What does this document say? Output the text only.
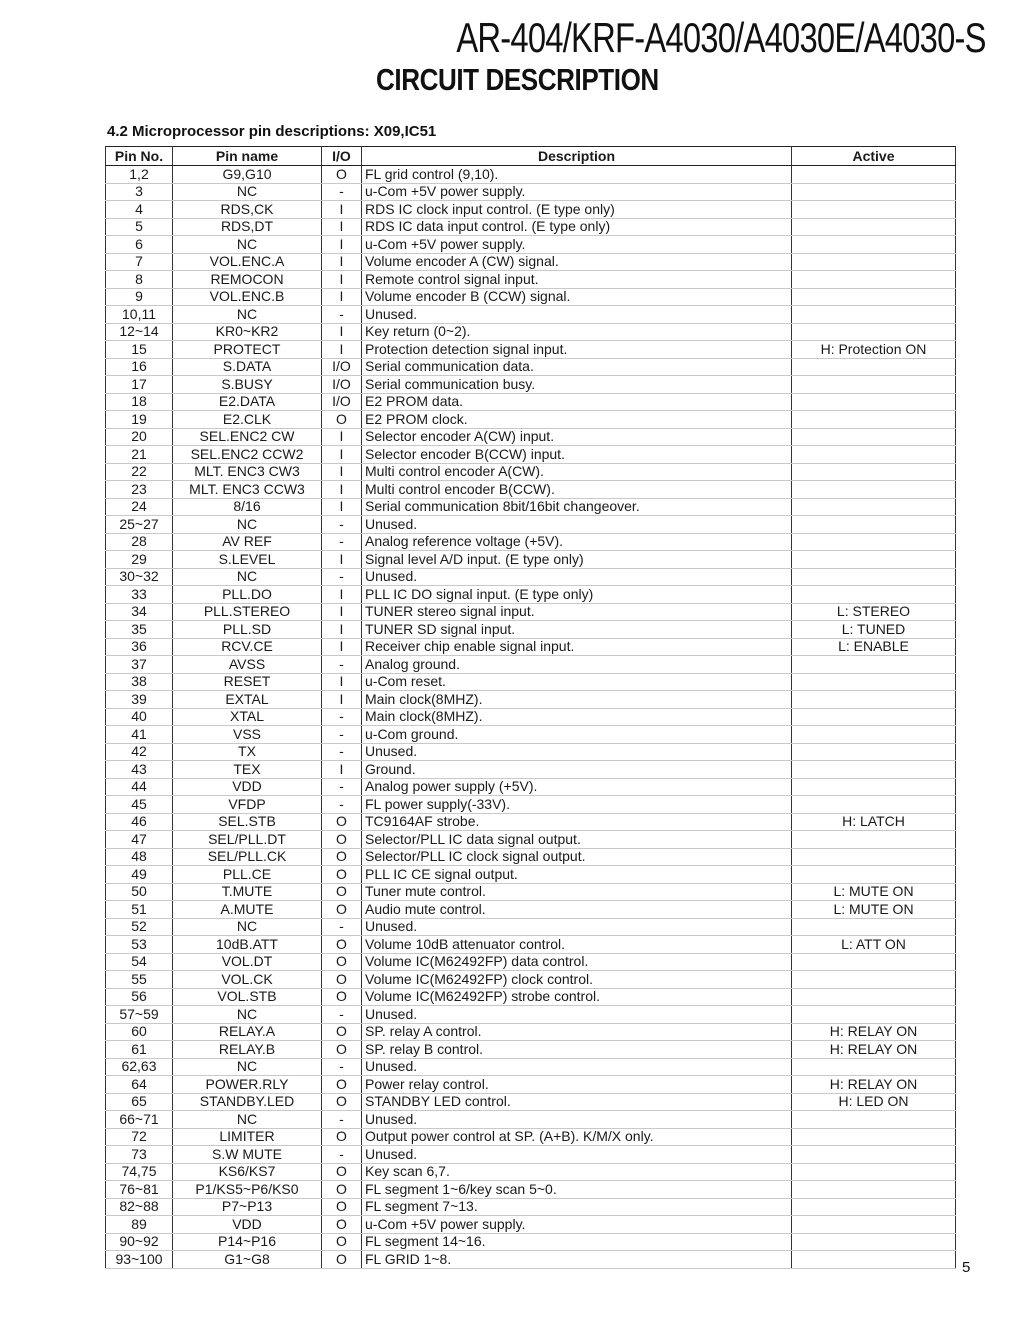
AR-404/KRF-A4030/A4030E/A4030-S
CIRCUIT DESCRIPTION
4.2 Microprocessor pin descriptions: X09,IC51
Pin No.	Pin name	I/O	Description	Active
1,2	G9,G10	O	FL grid control (9,10).	
3	NC	-	u-Com +5V power supply.	
4	RDS,CK	I	RDS IC clock input control. (E type only)	
5	RDS,DT	I	RDS IC data input control. (E type only)	
6	NC	I	u-Com +5V power supply.	
7	VOL.ENC.A	I	Volume encoder A (CW) signal.	
8	REMOCON	I	Remote control signal input.	
9	VOL.ENC.B	I	Volume encoder B (CCW) signal.	
10,11	NC	-	Unused.	
12~14	KR0~KR2	I	Key return (0~2).	
15	PROTECT	I	Protection detection signal input.	H: Protection ON
16	S.DATA	I/O	Serial communication data.	
17	S.BUSY	I/O	Serial communication busy.	
18	E2.DATA	I/O	E2 PROM data.	
19	E2.CLK	O	E2 PROM clock.	
20	SEL.ENC2 CW	I	Selector encoder A(CW) input.	
21	SEL.ENC2 CCW2	I	Selector encoder B(CCW) input.	
22	MLT. ENC3 CW3	I	Multi control encoder A(CW).	
23	MLT. ENC3 CCW3	I	Multi control encoder B(CCW).	
24	8/16	I	Serial communication 8bit/16bit changeover.	
25~27	NC	-	Unused.	
28	AV REF	-	Analog reference voltage (+5V).	
29	S.LEVEL	I	Signal level A/D input. (E type only)	
30~32	NC	-	Unused.	
33	PLL.DO	I	PLL IC DO signal input. (E type only)	
34	PLL.STEREO	I	TUNER stereo signal input.	L: STEREO
35	PLL.SD	I	TUNER SD signal input.	L: TUNED
36	RCV.CE	I	Receiver chip enable signal input.	L: ENABLE
37	AVSS	-	Analog ground.	
38	RESET	I	u-Com reset.	
39	EXTAL	I	Main clock(8MHZ).	
40	XTAL	-	Main clock(8MHZ).	
41	VSS	-	u-Com ground.	
42	TX	-	Unused.	
43	TEX	I	Ground.	
44	VDD	-	Analog power supply (+5V).	
45	VFDP	-	FL power supply(-33V).	
46	SEL.STB	O	TC9164AF strobe.	H: LATCH
47	SEL/PLL.DT	O	Selector/PLL IC data signal output.	
48	SEL/PLL.CK	O	Selector/PLL IC clock signal output.	
49	PLL.CE	O	PLL IC CE signal output.	
50	T.MUTE	O	Tuner mute control.	L: MUTE ON
51	A.MUTE	O	Audio mute control.	L: MUTE ON
52	NC	-	Unused.	
53	10dB.ATT	O	Volume 10dB attenuator control.	L: ATT ON
54	VOL.DT	O	Volume IC(M62492FP) data control.	
55	VOL.CK	O	Volume IC(M62492FP) clock control.	
56	VOL.STB	O	Volume IC(M62492FP) strobe control.	
57~59	NC	-	Unused.	
60	RELAY.A	O	SP. relay A control.	H: RELAY ON
61	RELAY.B	O	SP. relay B control.	H: RELAY ON
62,63	NC	-	Unused.	
64	POWER.RLY	O	Power relay control.	H: RELAY ON
65	STANDBY.LED	O	STANDBY LED control.	H: LED ON
66~71	NC	-	Unused.	
72	LIMITER	O	Output power control at SP. (A+B). K/M/X only.	
73	S.W MUTE	-	Unused.	
74,75	KS6/KS7	O	Key scan 6,7.	
76~81	P1/KS5~P6/KS0	O	FL segment 1~6/key scan 5~0.	
82~88	P7~P13	O	FL segment 7~13.	
89	VDD	O	u-Com +5V power supply.	
90~92	P14~P16	O	FL segment 14~16.	
93~100	G1~G8	O	FL GRID 1~8.	
5
